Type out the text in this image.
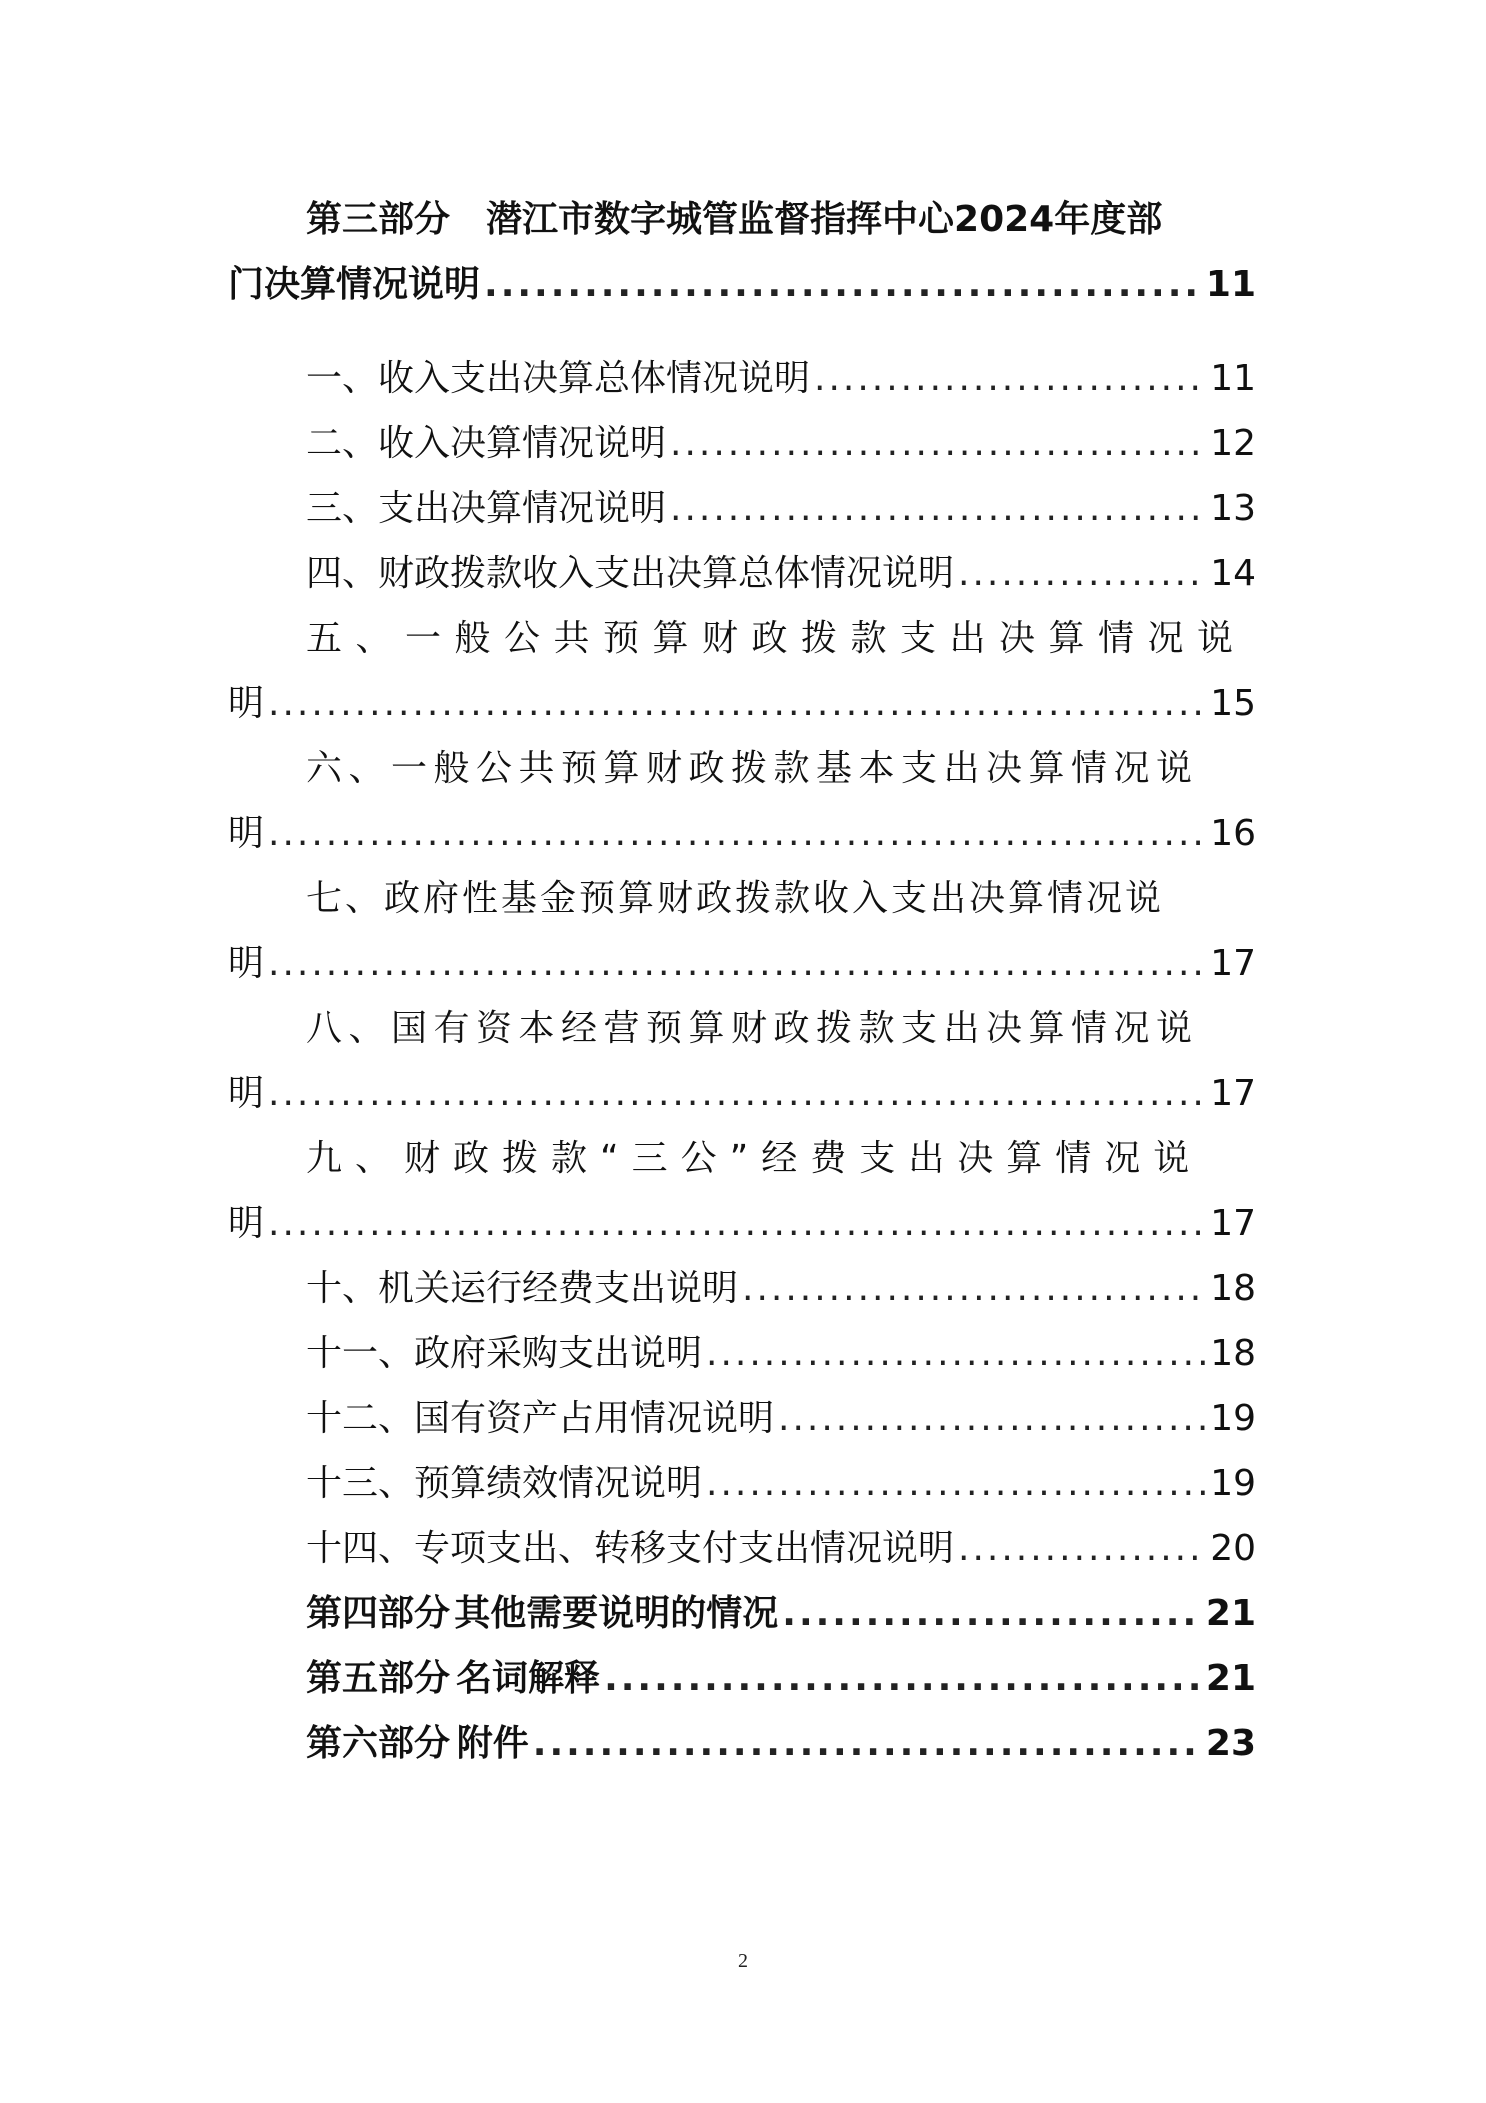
第三部分 潜江市数字城管监督指挥中心2024年度部
门决算情况说明 .....	11
一、收入支出决算总体情况说明 .....	11
二、收入决算情况说明 .....	12
三、支出决算情况说明 .....	13
四、财政拨款收入支出决算总体情况说明 .....	14
五、一般公共预算财政拨款支出决算情况说
明 .....	15
六、一般公共预算财政拨款基本支出决算情况说
明 .....	16
七、政府性基金预算财政拨款收入支出决算情况说
明 .....	17
八、国有资本经营预算财政拨款支出决算情况说
明 .....	17
九、财政拨款“三公”经费支出决算情况说
明 .....	17
十、机关运行经费支出说明 .....	18
十一、政府采购支出说明 .....	18
十二、国有资产占用情况说明 .....	19
十三、预算绩效情况说明 .....	19
十四、专项支出、转移支付支出情况说明 .....	20
第四部分 其他需要说明的情况 .....	21
第五部分 名词解释 .....	21
第六部分 附件 .....	23
2
